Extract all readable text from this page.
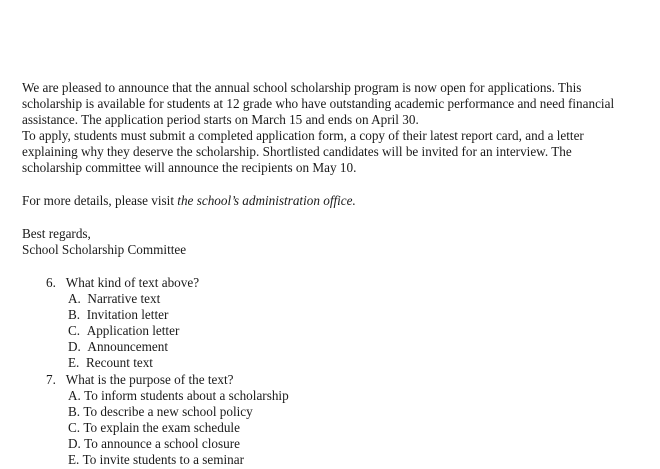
We are pleased to announce that the annual school scholarship program is now open for applications. This
scholarship is available for students at 12 grade who have outstanding academic performance and need financial
assistance. The application period starts on March 15 and ends on April 30.
To apply, students must submit a completed application form, a copy of their latest report card, and a letter
explaining why they deserve the scholarship. Shortlisted candidates will be invited for an interview. The
scholarship committee will announce the recipients on May 10.
For more details, please visit the school’s administration office.
Best regards,
School Scholarship Committee
6. What kind of text above?
A. Narrative text
B. Invitation letter
C. Application letter
D. Announcement
E. Recount text
7. What is the purpose of the text?
A. To inform students about a scholarship
B. To describe a new school policy
C. To explain the exam schedule
D. To announce a school closure
E. To invite students to a seminar
